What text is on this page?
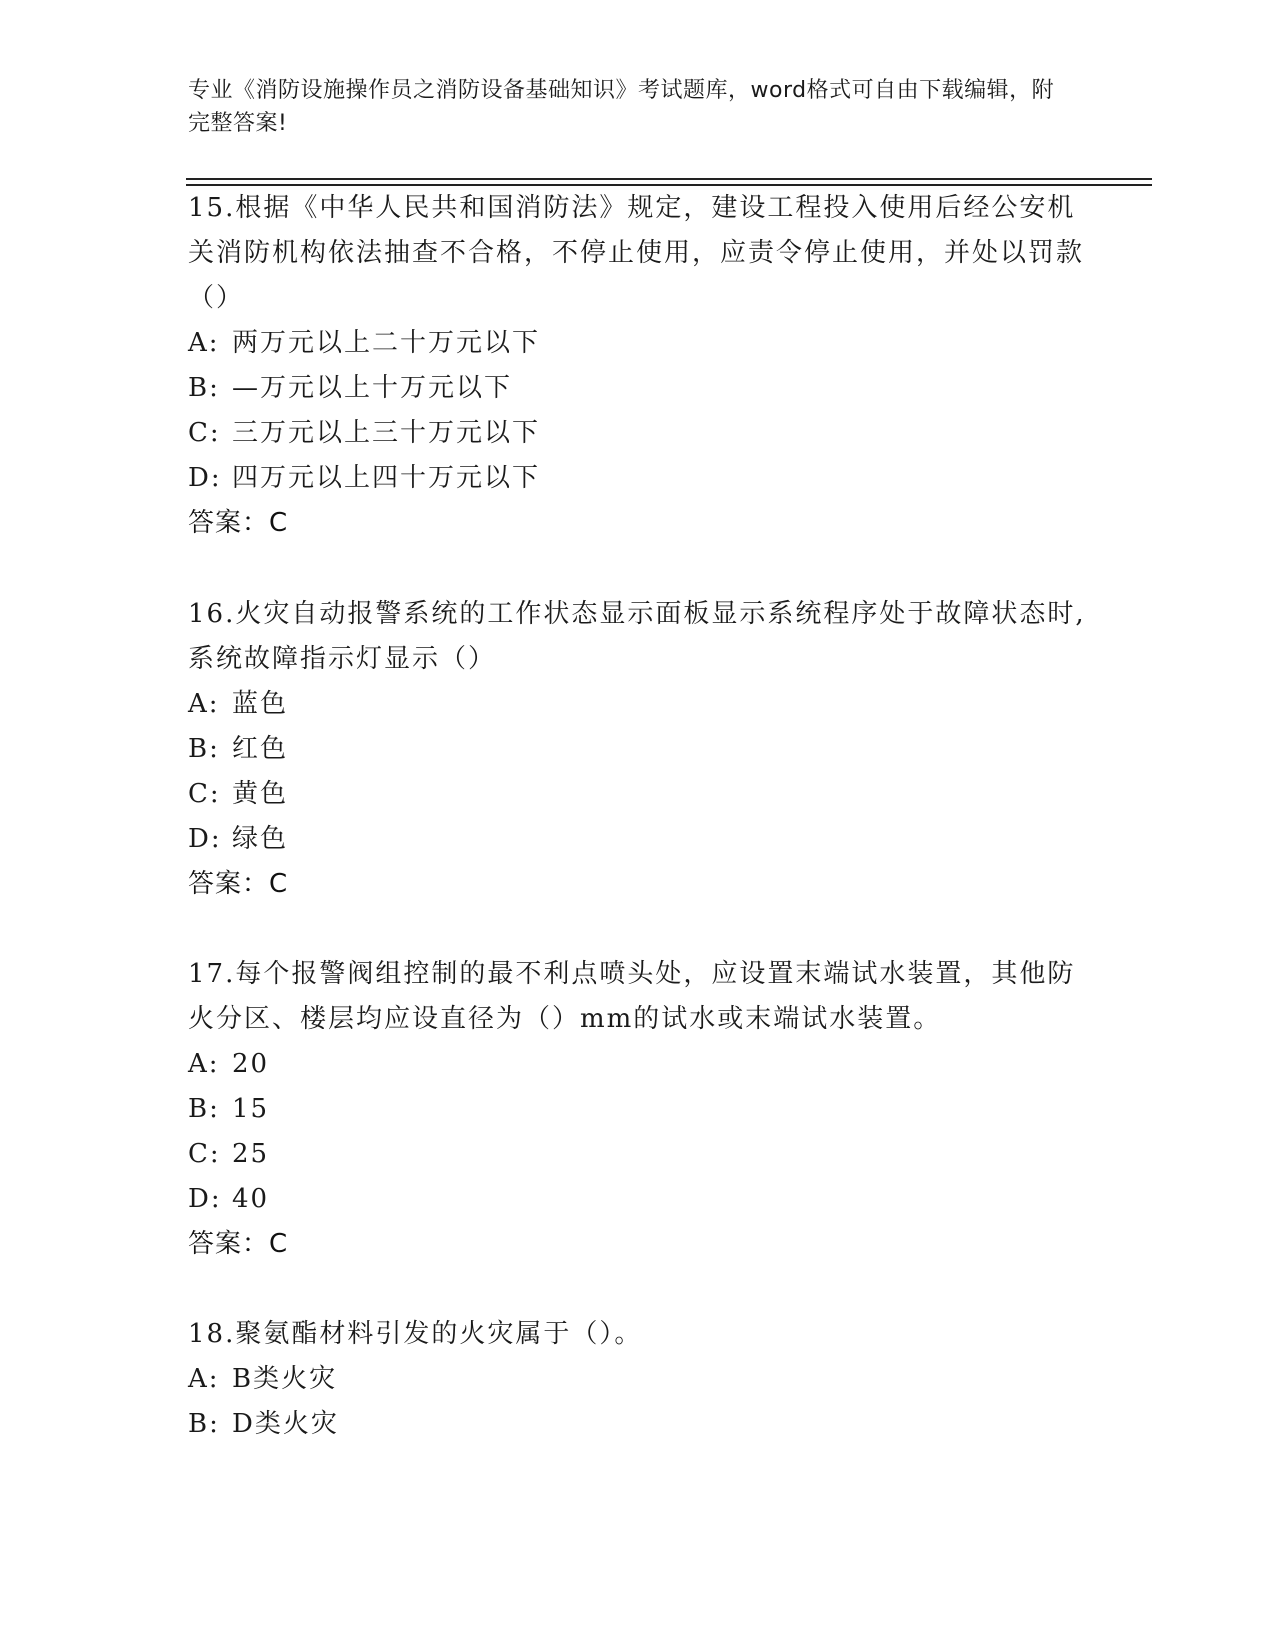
专业《消防设施操作员之消防设备基础知识》考试题库，word格式可自由下载编辑，附完整答案!

15.根据《中华人民共和国消防法》规定，建设工程投入使用后经公安机关消防机构依法抽查不合格，不停止使用，应责令停止使用，并处以罚款（）

A: 两万元以上二十万元以下
B: —万元以上十万元以下
C: 三万元以上三十万元以下
D: 四万元以上四十万元以下
答案：C

16.火灾自动报警系统的工作状态显示面板显示系统程序处于故障状态时,系统故障指示灯显示（）

A: 蓝色
B: 红色
C: 黄色
D: 绿色
答案：C

17.每个报警阀组控制的最不利点喷头处，应设置末端试水装置，其他防火分区、楼层均应设直径为（）mm的试水或末端试水装置。

A: 20
B: 15
C: 25
D: 40
答案：C

18.聚氨酯材料引发的火灾属于（）。

A: B类火灾
B: D类火灾
